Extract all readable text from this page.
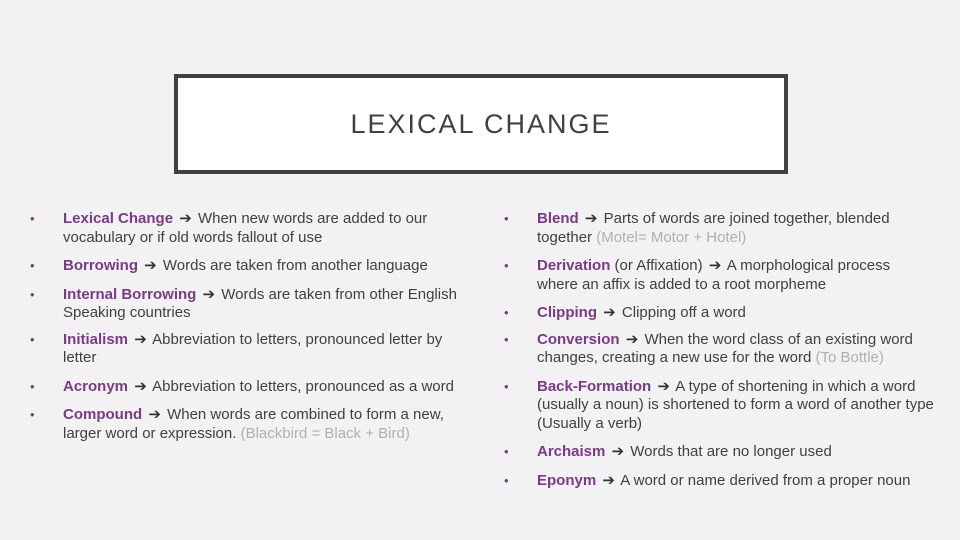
LEXICAL CHANGE
•	Lexical Change ➔ When new words are added to our vocabulary or if old words fallout of use
•	Borrowing ➔ Words are taken from another language
•	Internal Borrowing ➔ Words are taken from other English Speaking countries
•	Initialism ➔ Abbreviation to letters, pronounced letter by letter
•	Acronym ➔ Abbreviation to letters, pronounced as a word
•	Compound ➔ When words are combined to form a new, larger word or expression. (Blackbird = Black + Bird)
•	Blend ➔ Parts of words are joined together, blended together (Motel= Motor + Hotel)
•	Derivation (or Affixation) ➔ A morphological process where an affix is added to a root morpheme
•	Clipping ➔ Clipping off a word
•	Conversion ➔ When the word class of an existing word changes, creating a new use for the word (To Bottle)
•	Back-Formation ➔ A type of shortening in which a word (usually a noun) is shortened to form a word of another type (Usually a verb)
•	Archaism ➔ Words that are no longer used
•	Eponym ➔ A word or name derived from a proper noun
